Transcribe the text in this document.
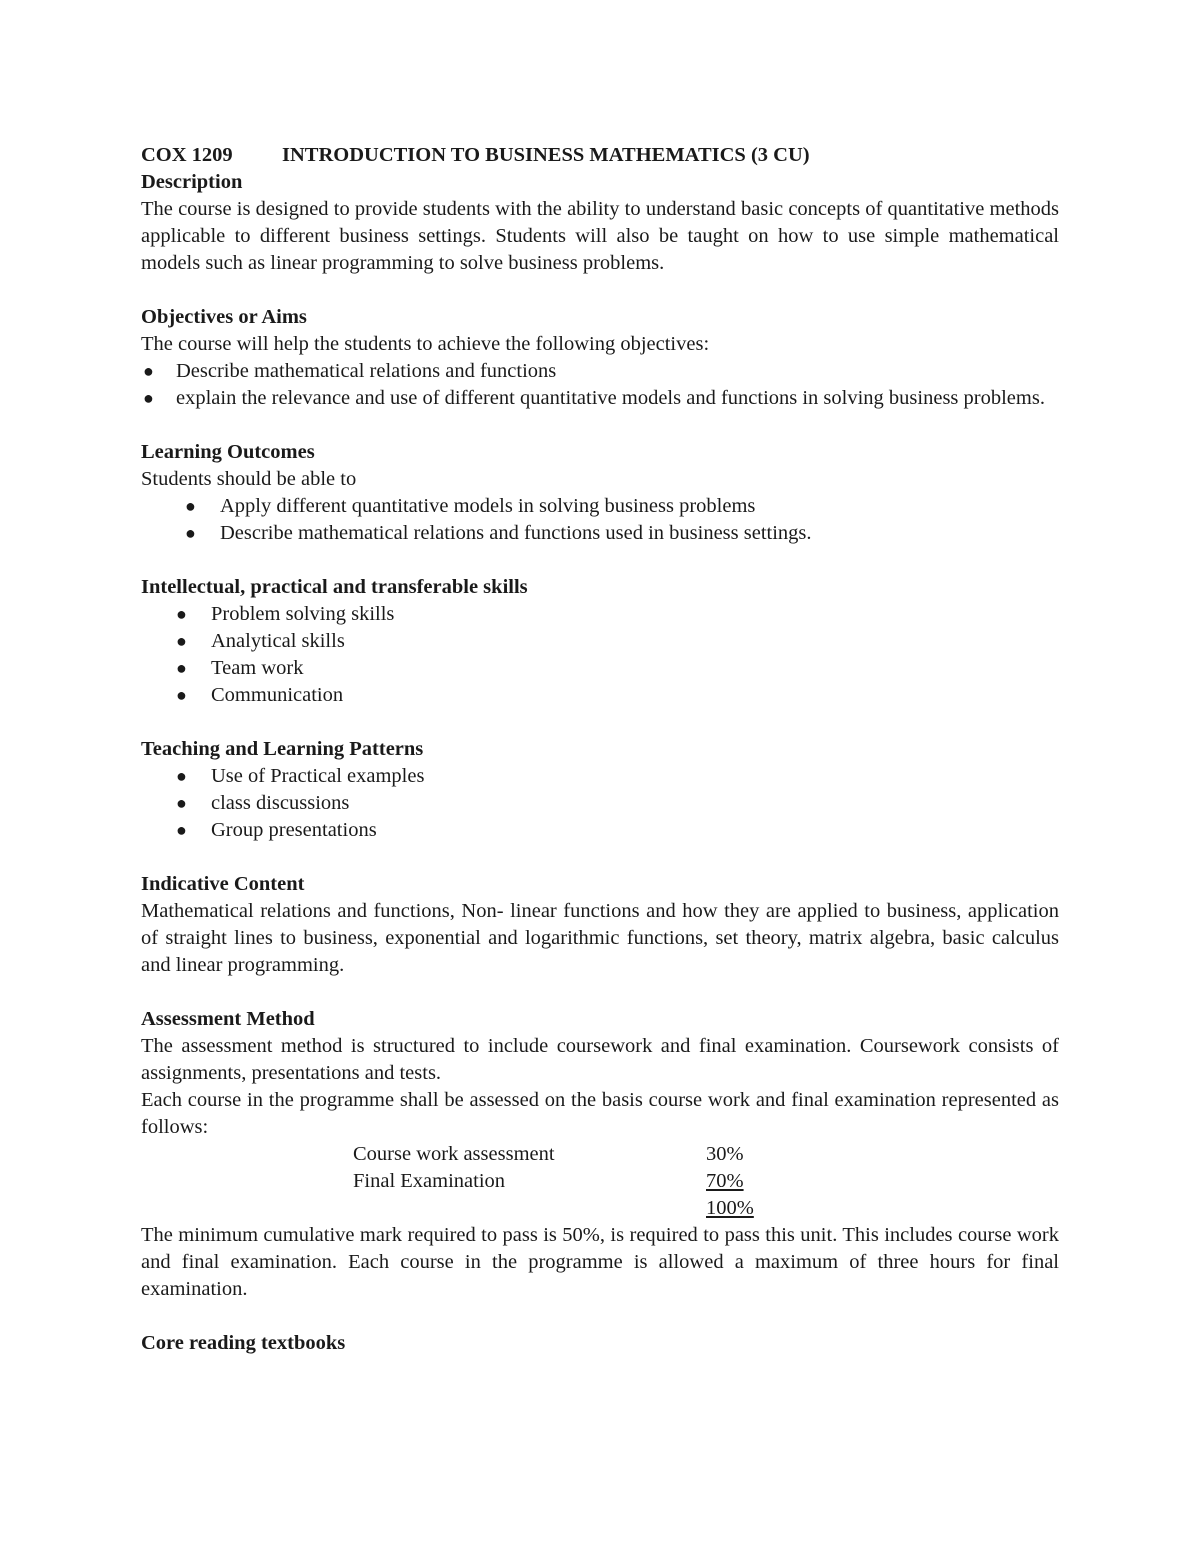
COX 1209 INTRODUCTION TO BUSINESS MATHEMATICS (3 CU)
Description
The course is designed to provide students with the ability to understand basic concepts of quantitative methods applicable to different business settings. Students will also be taught on how to use simple mathematical models such as linear programming to solve business problems.
Objectives or Aims
The course will help the students to achieve the following objectives:
● Describe mathematical relations and functions
● explain the relevance and use of different quantitative models and functions in solving business problems.
Learning Outcomes
Students should be able to
● Apply different quantitative models in solving business problems
● Describe mathematical relations and functions used in business settings.
Intellectual, practical and transferable skills
● Problem solving skills
● Analytical skills
● Team work
● Communication
Teaching and Learning Patterns
● Use of Practical examples
● class discussions
● Group presentations
Indicative Content
Mathematical relations and functions, Non- linear functions and how they are applied to business, application of straight lines to business, exponential and logarithmic functions, set theory, matrix algebra, basic calculus and linear programming.
Assessment Method
The assessment method is structured to include coursework and final examination. Coursework consists of assignments, presentations and tests.
Each course in the programme shall be assessed on the basis course work and final examination represented as follows:
Course work assessment	30%
Final Examination	70%
100%
The minimum cumulative mark required to pass is 50%, is required to pass this unit. This includes course work and final examination. Each course in the programme is allowed a maximum of three hours for final examination.
Core reading textbooks
